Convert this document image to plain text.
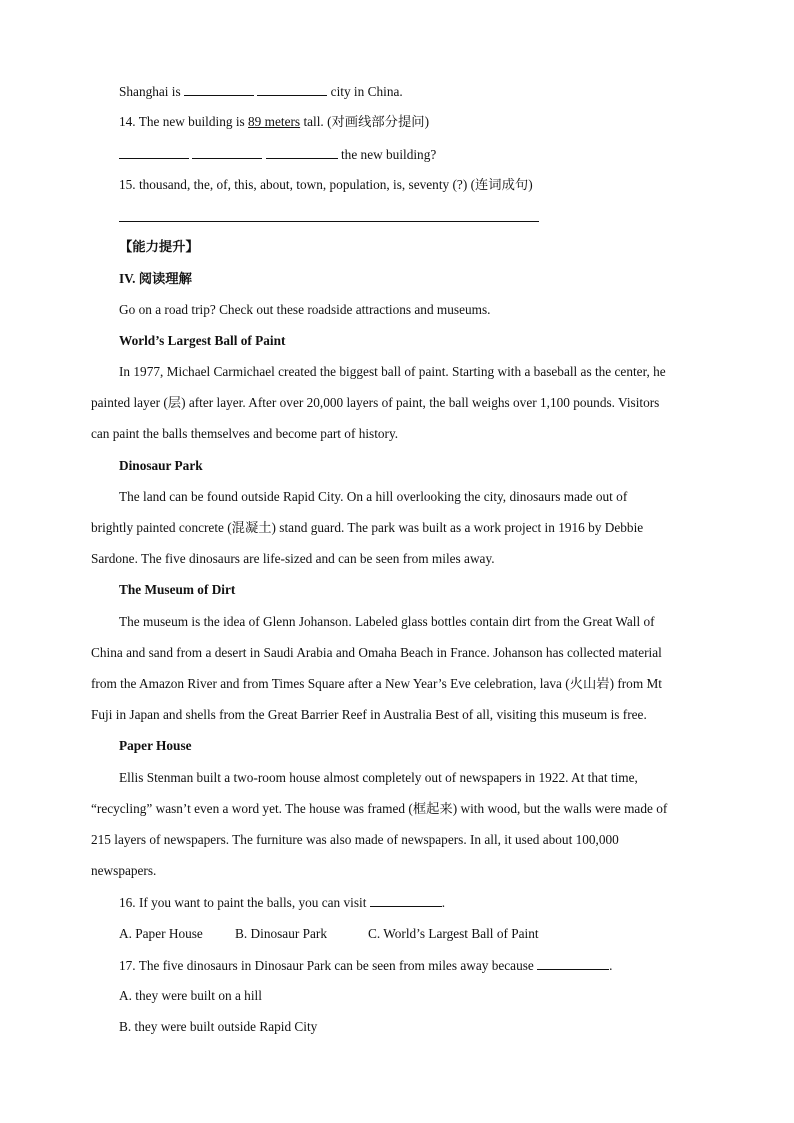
Shanghai is	city in China.
14. The new building is 89 meters tall. (对画线部分提问)
the new building?
15. thousand, the, of, this, about, town, population, is, seventy (?) (连词成句)
【能力提升】
IV. 阅读理解
Go on a road trip? Check out these roadside attractions and museums.
World’s Largest Ball of Paint
In 1977, Michael Carmichael created the biggest ball of paint. Starting with a baseball as the center, he
painted layer (层) after layer. After over 20,000 layers of paint, the ball weighs over 1,100 pounds. Visitors
can paint the balls themselves and become part of history.
Dinosaur Park
The land can be found outside Rapid City. On a hill overlooking the city, dinosaurs made out of
brightly painted concrete (混凝土) stand guard. The park was built as a work project in 1916 by Debbie
Sardone. The five dinosaurs are life-sized and can be seen from miles away.
The Museum of Dirt
The museum is the idea of Glenn Johanson. Labeled glass bottles contain dirt from the Great Wall of
China and sand from a desert in Saudi Arabia and Omaha Beach in France. Johanson has collected material
from the Amazon River and from Times Square after a New Year’s Eve celebration, lava (火山岩) from Mt
Fuji in Japan and shells from the Great Barrier Reef in Australia Best of all, visiting this museum is free.
Paper House
Ellis Stenman built a two-room house almost completely out of newspapers in 1922. At that time,
“recycling” wasn’t even a word yet. The house was framed (框起来) with wood, but the walls were made of
215 layers of newspapers. The furniture was also made of newspapers. In all, it used about 100,000
newspapers.
16. If you want to paint the balls, you can visit	.
A. Paper House B. Dinosaur Park	C. World’s Largest Ball of Paint
17. The five dinosaurs in Dinosaur Park can be seen from miles away because	.
A. they were built on a hill
B. they were built outside Rapid City
